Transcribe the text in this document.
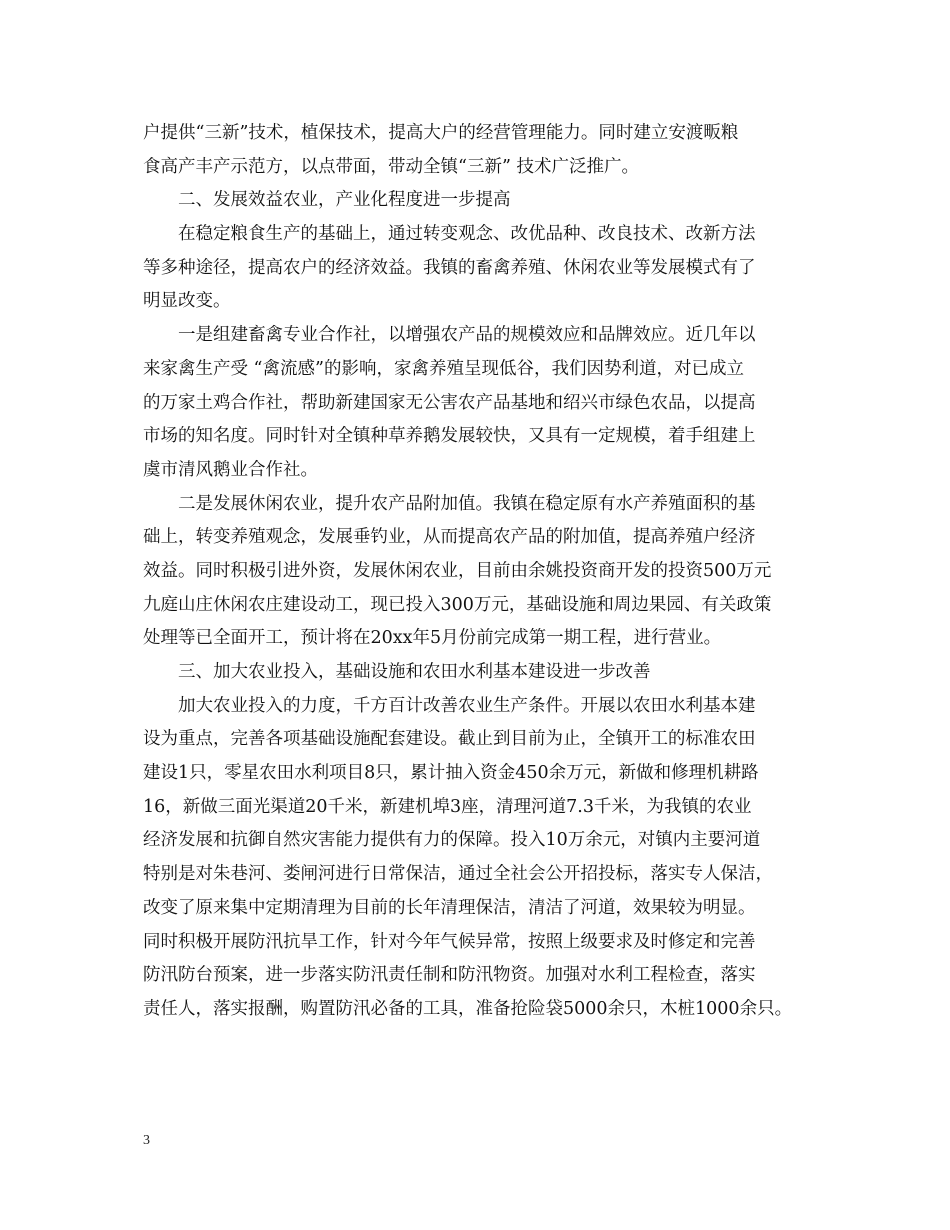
户提供“三新”技术，植保技术，提高大户的经营管理能力。同时建立安渡畈粮
食高产丰产示范方，以点带面，带动全镇“三新” 技术广泛推广。
二、发展效益农业，产业化程度进一步提高
在稳定粮食生产的基础上，通过转变观念、改优品种、改良技术、改新方法
等多种途径，提高农户的经济效益。我镇的畜禽养殖、休闲农业等发展模式有了
明显改变。
一是组建畜禽专业合作社，以增强农产品的规模效应和品牌效应。近几年以
来家禽生产受 “禽流感”的影响，家禽养殖呈现低谷，我们因势利道，对已成立
的万家土鸡合作社，帮助新建国家无公害农产品基地和绍兴市绿色农品，以提高
市场的知名度。同时针对全镇种草养鹅发展较快，又具有一定规模，着手组建上
虞市清风鹅业合作社。
二是发展休闲农业，提升农产品附加值。我镇在稳定原有水产养殖面积的基
础上，转变养殖观念，发展垂钓业，从而提高农产品的附加值，提高养殖户经济
效益。同时积极引进外资，发展休闲农业，目前由余姚投资商开发的投资500万元
九庭山庄休闲农庄建设动工，现已投入300万元，基础设施和周边果园、有关政策
处理等已全面开工，预计将在20xx年5月份前完成第一期工程，进行营业。
三、加大农业投入，基础设施和农田水利基本建设进一步改善
加大农业投入的力度，千方百计改善农业生产条件。开展以农田水利基本建
设为重点，完善各项基础设施配套建设。截止到目前为止，全镇开工的标准农田
建设1只，零星农田水利项目8只，累计抽入资金450余万元，新做和修理机耕路
16，新做三面光渠道20千米，新建机埠3座，清理河道7.3千米，为我镇的农业
经济发展和抗御自然灾害能力提供有力的保障。投入10万余元，对镇内主要河道
特别是对朱巷河、娄闸河进行日常保洁，通过全社会公开招投标，落实专人保洁，
改变了原来集中定期清理为目前的长年清理保洁，清洁了河道，效果较为明显。
同时积极开展防汛抗旱工作，针对今年气候异常，按照上级要求及时修定和完善
防汛防台预案，进一步落实防汛责任制和防汛物资。加强对水利工程检查，落实
责任人，落实报酬，购置防汛必备的工具，准备抢险袋5000余只，木桩1000余只。
3
